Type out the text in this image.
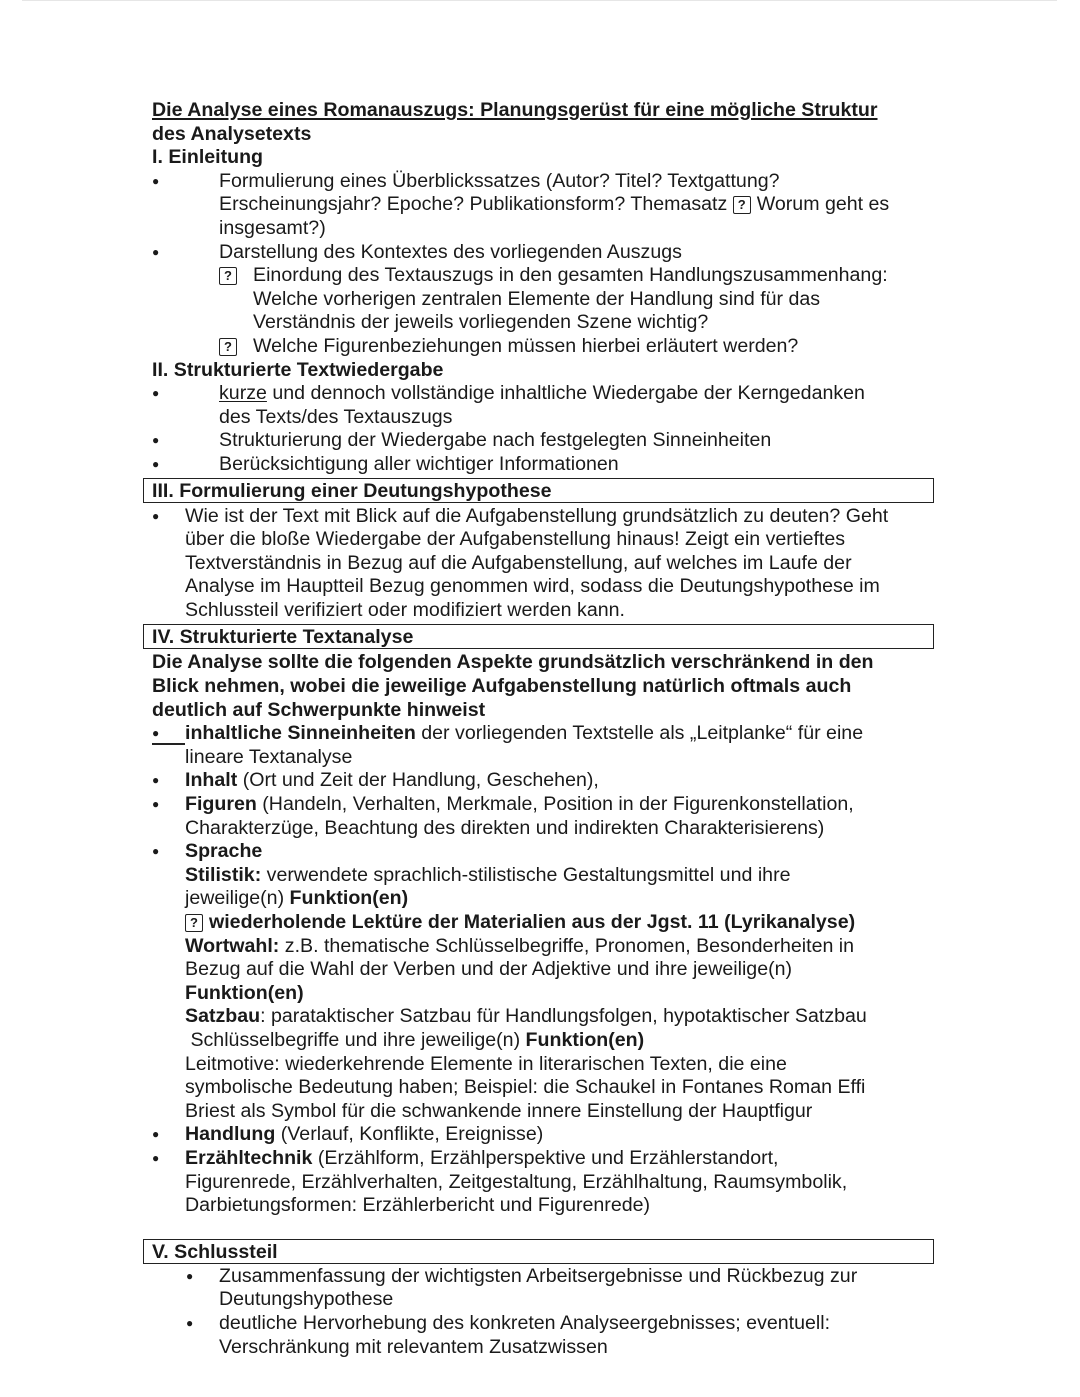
Die Analyse eines Romanauszugs: Planungsgerüst für eine mögliche Struktur
des Analysetexts
I. Einleitung
●
Formulierung eines Überblickssatzes (Autor? Titel? Textgattung?
Erscheinungsjahr? Epoche? Publikationsform? Themasatz ? Worum geht es
insgesamt?)
●
Darstellung des Kontextes des vorliegenden Auszugs
? Einordung des Textauszugs in den gesamten Handlungszusammenhang:
Welche vorherigen zentralen Elemente der Handlung sind für das
Verständnis der jeweils vorliegenden Szene wichtig?
? Welche Figurenbeziehungen müssen hierbei erläutert werden?
II. Strukturierte Textwiedergabe
●
kurze und dennoch vollständige inhaltliche Wiedergabe der Kerngedanken
des Texts/des Textauszugs
●
Strukturierung der Wiedergabe nach festgelegten Sinneinheiten
●
Berücksichtigung aller wichtiger Informationen
III. Formulierung einer Deutungshypothese
●
Wie ist der Text mit Blick auf die Aufgabenstellung grundsätzlich zu deuten? Geht
über die bloße Wiedergabe der Aufgabenstellung hinaus! Zeigt ein vertieftes
Textverständnis in Bezug auf die Aufgabenstellung, auf welches im Laufe der
Analyse im Hauptteil Bezug genommen wird, sodass die Deutungshypothese im
Schlussteil verifiziert oder modifiziert werden kann.
IV. Strukturierte Textanalyse
Die Analyse sollte die folgenden Aspekte grundsätzlich verschränkend in den
Blick nehmen, wobei die jeweilige Aufgabenstellung natürlich oftmals auch
deutlich auf Schwerpunkte hinweist
●
inhaltliche Sinneinheiten der vorliegenden Textstelle als „Leitplanke“ für eine
lineare Textanalyse
●
Inhalt (Ort und Zeit der Handlung, Geschehen),
●
Figuren (Handeln, Verhalten, Merkmale, Position in der Figurenkonstellation,
Charakterzüge, Beachtung des direkten und indirekten Charakterisierens)
●
Sprache
Stilistik: verwendete sprachlich-stilistische Gestaltungsmittel und ihre
jeweilige(n) Funktion(en)
? wiederholende Lektüre der Materialien aus der Jgst. 11 (Lyrikanalyse)
Wortwahl: z.B. thematische Schlüsselbegriffe, Pronomen, Besonderheiten in
Bezug auf die Wahl der Verben und der Adjektive und ihre jeweilige(n)
Funktion(en)
Satzbau: parataktischer Satzbau für Handlungsfolgen, hypotaktischer Satzbau
Schlüsselbegriffe und ihre jeweilige(n) Funktion(en)
Leitmotive: wiederkehrende Elemente in literarischen Texten, die eine
symbolische Bedeutung haben; Beispiel: die Schaukel in Fontanes Roman Effi
Briest als Symbol für die schwankende innere Einstellung der Hauptfigur
●
Handlung (Verlauf, Konflikte, Ereignisse)
●
Erzähltechnik (Erzählform, Erzählperspektive und Erzählerstandort,
Figurenrede, Erzählverhalten, Zeitgestaltung, Erzählhaltung, Raumsymbolik,
Darbietungsformen: Erzählerbericht und Figurenrede)
V. Schlussteil
●
Zusammenfassung der wichtigsten Arbeitsergebnisse und Rückbezug zur
Deutungshypothese
●
deutliche Hervorhebung des konkreten Analyseergebnisses; eventuell:
Verschränkung mit relevantem Zusatzwissen
